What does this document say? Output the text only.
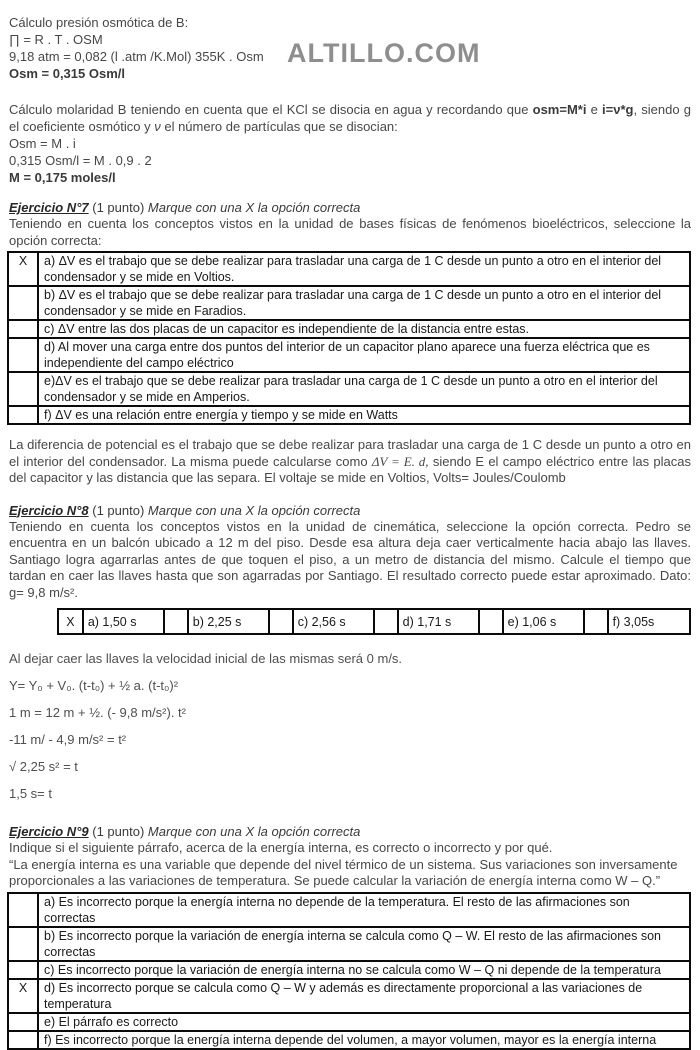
ALTILLO.COM

Cálculo presión osmótica de B:

∏ = R . T . OSM

9,18 atm = 0,082 (l .atm /K.Mol) 355K . Osm

Osm = 0,315 Osm/l

Cálculo molaridad B teniendo en cuenta que el KCl se disocia en agua y recordando que osm=M*i e i=ν*g, siendo g el coeficiente osmótico y ν el número de partículas que se disocian:

Osm = M . i

0,315 Osm/l = M . 0,9 . 2

M = 0,175 moles/l

Ejercicio N°7 (1 punto) Marque con una X la opción correcta

Teniendo en cuenta los conceptos vistos en la unidad de bases físicas de fenómenos bioeléctricos, seleccione la opción correcta:

X	a) ΔV es el trabajo que se debe realizar para trasladar una carga de 1 C desde un punto a otro en el interior del condensador y se mide en Voltios.
	b) ΔV es el trabajo que se debe realizar para trasladar una carga de 1 C desde un punto a otro en el interior del condensador y se mide en Faradios.
	c) ΔV entre las dos placas de un capacitor es independiente de la distancia entre estas.
	d) Al mover una carga entre dos puntos del interior de un capacitor plano aparece una fuerza eléctrica que es independiente del campo eléctrico
	e)ΔV es el trabajo que se debe realizar para trasladar una carga de 1 C desde un punto a otro en el interior del condensador y se mide en Amperios.
	f) ΔV es una relación entre energía y tiempo y se mide en Watts

La diferencia de potencial es el trabajo que se debe realizar para trasladar una carga de 1 C desde un punto a otro en el interior del condensador. La misma puede calcularse como ΔV = E. d, siendo E el campo eléctrico entre las placas del capacitor y las distancia que las separa. El voltaje se mide en Voltios, Volts= Joules/Coulomb

Ejercicio N°8 (1 punto) Marque con una X la opción correcta

Teniendo en cuenta los conceptos vistos en la unidad de cinemática, seleccione la opción correcta. Pedro se encuentra en un balcón ubicado a 12 m del piso. Desde esa altura deja caer verticalmente hacia abajo las llaves. Santiago logra agarrarlas antes de que toquen el piso, a un metro de distancia del mismo. Calcule el tiempo que tardan en caer las llaves hasta que son agarradas por Santiago. El resultado correcto puede estar aproximado. Dato: g= 9,8 m/s².

X	a) 1,50 s		b) 2,25 s		c) 2,56 s		d) 1,71 s		e) 1,06 s		f) 3,05s

Al dejar caer las llaves la velocidad inicial de las mismas será 0 m/s.

Y= Y₀ + V₀. (t-t₀) + ½ a. (t-t₀)²

1 m = 12 m + ½. (- 9,8 m/s²). t²

-11 m/ - 4,9 m/s² = t²

√ 2,25 s² = t

1,5 s= t

Ejercicio N°9 (1 punto) Marque con una X la opción correcta

Indique si el siguiente párrafo, acerca de la energía interna, es correcto o incorrecto y por qué.

“La energía interna es una variable que depende del nivel térmico de un sistema. Sus variaciones son inversamente proporcionales a las variaciones de temperatura. Se puede calcular la variación de energía interna como W – Q.”

	a) Es incorrecto porque la energía interna no depende de la temperatura. El resto de las afirmaciones son correctas
	b) Es incorrecto porque la variación de energía interna se calcula como Q – W. El resto de las afirmaciones son correctas
	c) Es incorrecto porque la variación de energía interna no se calcula como W – Q ni depende de la temperatura
X	d) Es incorrecto porque se calcula como Q – W y además es directamente proporcional a las variaciones de temperatura
	e) El párrafo es correcto
	f) Es incorrecto porque la energía interna depende del volumen, a mayor volumen, mayor es la energía interna
